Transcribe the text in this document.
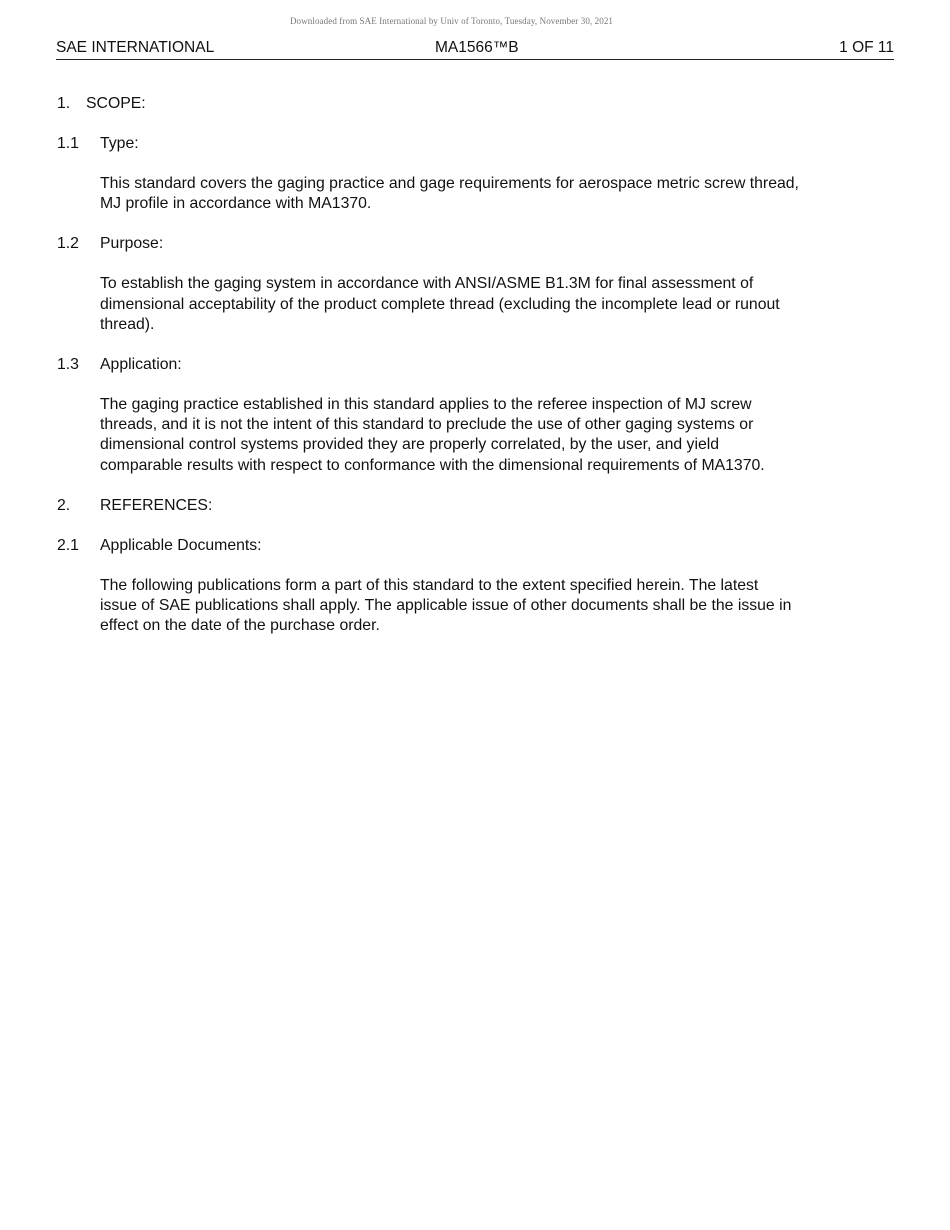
Downloaded from SAE International by Univ of Toronto, Tuesday, November 30, 2021
SAE INTERNATIONAL	MA1566™B	1 OF 11
1. SCOPE:
1.1 Type:
This standard covers the gaging practice and gage requirements for aerospace metric screw thread,
MJ profile in accordance with MA1370.
1.2 Purpose:
To establish the gaging system in accordance with ANSI/ASME B1.3M for final assessment of
dimensional acceptability of the product complete thread (excluding the incomplete lead or runout
thread).
1.3 Application:
The gaging practice established in this standard applies to the referee inspection of MJ screw
threads, and it is not the intent of this standard to preclude the use of other gaging systems or
dimensional control systems provided they are properly correlated, by the user, and yield
comparable results with respect to conformance with the dimensional requirements of MA1370.
2. REFERENCES:
2.1 Applicable Documents:
The following publications form a part of this standard to the extent specified herein. The latest
issue of SAE publications shall apply. The applicable issue of other documents shall be the issue in
effect on the date of the purchase order.
